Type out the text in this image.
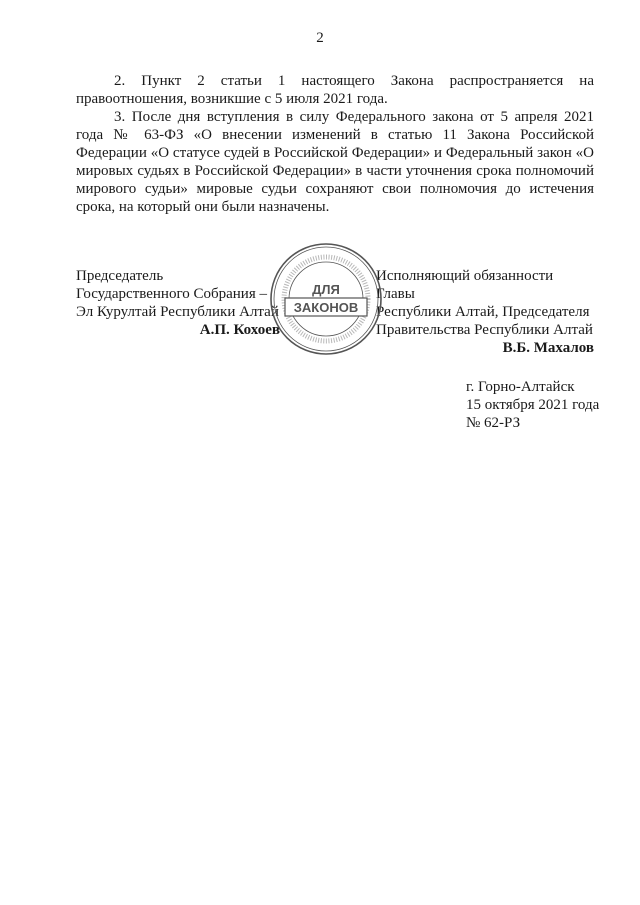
2

2. Пункт 2 статьи 1 настоящего Закона распространяется на правоотношения, возникшие с 5 июля 2021 года.

3. После дня вступления в силу Федерального закона от 5 апреля 2021 года № 63-ФЗ «О внесении изменений в статью 11 Закона Российской Федерации «О статусе судей в Российской Федерации» и Федеральный закон «О мировых судьях в Российской Федерации» в части уточнения срока полномочий мирового судьи» мировые судьи сохраняют свои полномочия до истечения срока, на который они были назначены.

Председатель
Государственного Собрания –
Эл Курултай Республики Алтай
А.П. Кохоев
Исполняющий обязанности Главы
Республики Алтай, Председателя
Правительства Республики Алтай
В.Б. Махалов
ДЛЯ
ЗАКОНОВ
г. Горно-Алтайск
15 октября 2021 года
№ 62-РЗ
